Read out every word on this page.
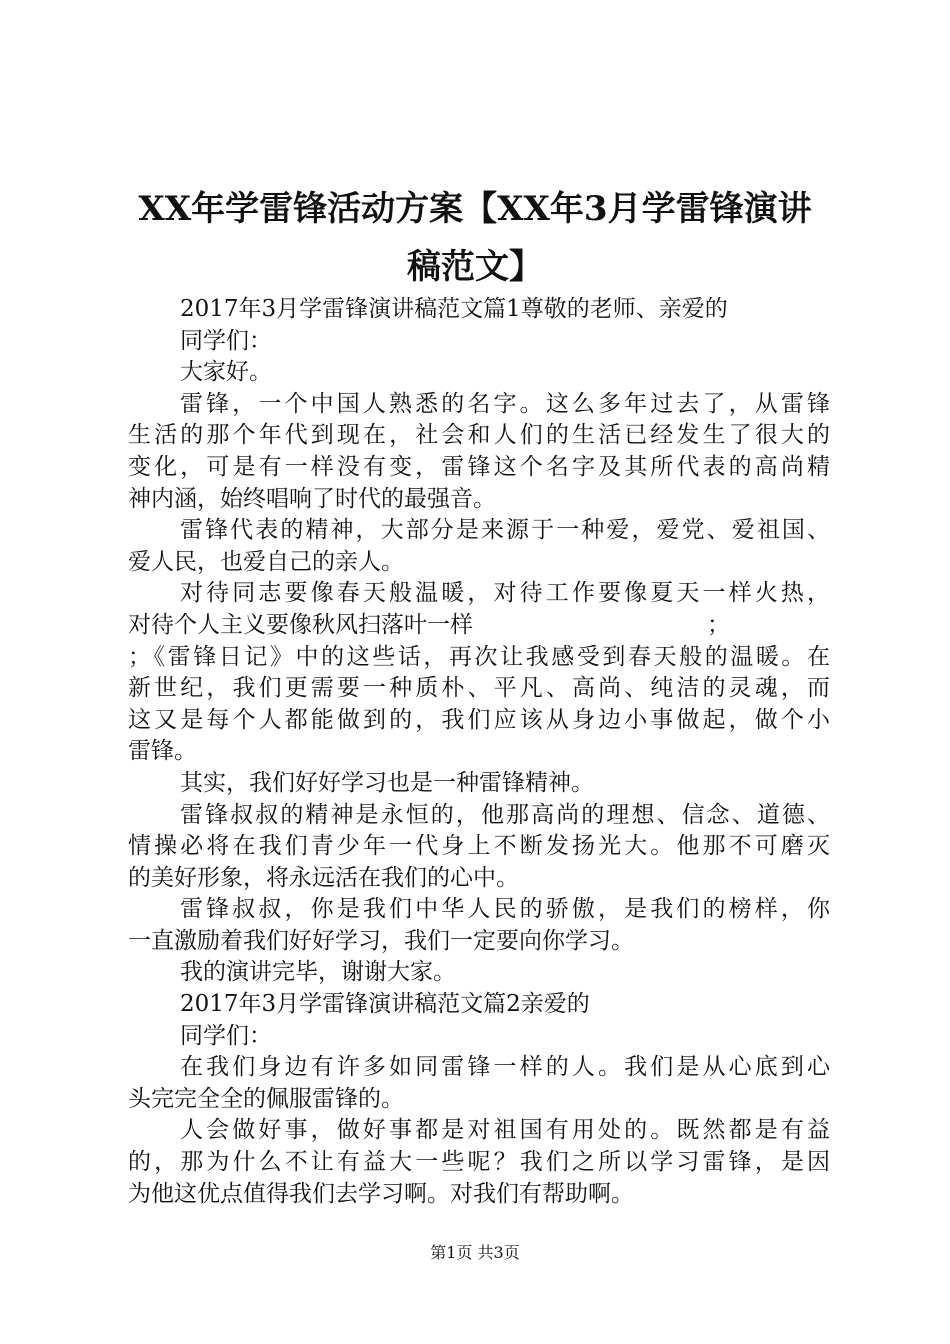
XX年学雷锋活动方案【XX年3月学雷锋演讲
稿范文】
2017年3月学雷锋演讲稿范文篇1尊敬的老师、亲爱的
同学们：
大家好。
雷锋，一个中国人熟悉的名字。这么多年过去了，从雷锋
生活的那个年代到现在，社会和人们的生活已经发生了很大的
变化，可是有一样没有变，雷锋这个名字及其所代表的高尚精
神内涵，始终唱响了时代的最强音。
雷锋代表的精神，大部分是来源于一种爱，爱党、爱祖国、
爱人民，也爱自己的亲人。
对待同志要像春天般温暖，对待工作要像夏天一样火热，
对待个人主义要像秋风扫落叶一样                                ；
；《雷锋日记》中的这些话，再次让我感受到春天般的温暖。在
新世纪，我们更需要一种质朴、平凡、高尚、纯洁的灵魂，而
这又是每个人都能做到的，我们应该从身边小事做起，做个小
雷锋。
其实，我们好好学习也是一种雷锋精神。
雷锋叔叔的精神是永恒的，他那高尚的理想、信念、道德、
情操必将在我们青少年一代身上不断发扬光大。他那不可磨灭
的美好形象，将永远活在我们的心中。
雷锋叔叔，你是我们中华人民的骄傲，是我们的榜样，你
一直激励着我们好好学习，我们一定要向你学习。
我的演讲完毕，谢谢大家。
2017年3月学雷锋演讲稿范文篇2亲爱的
同学们：
在我们身边有许多如同雷锋一样的人。我们是从心底到心
头完完全全的佩服雷锋的。
人会做好事，做好事都是对祖国有用处的。既然都是有益
的，那为什么不让有益大一些呢？我们之所以学习雷锋，是因
为他这优点值得我们去学习啊。对我们有帮助啊。
第1页 共3页
